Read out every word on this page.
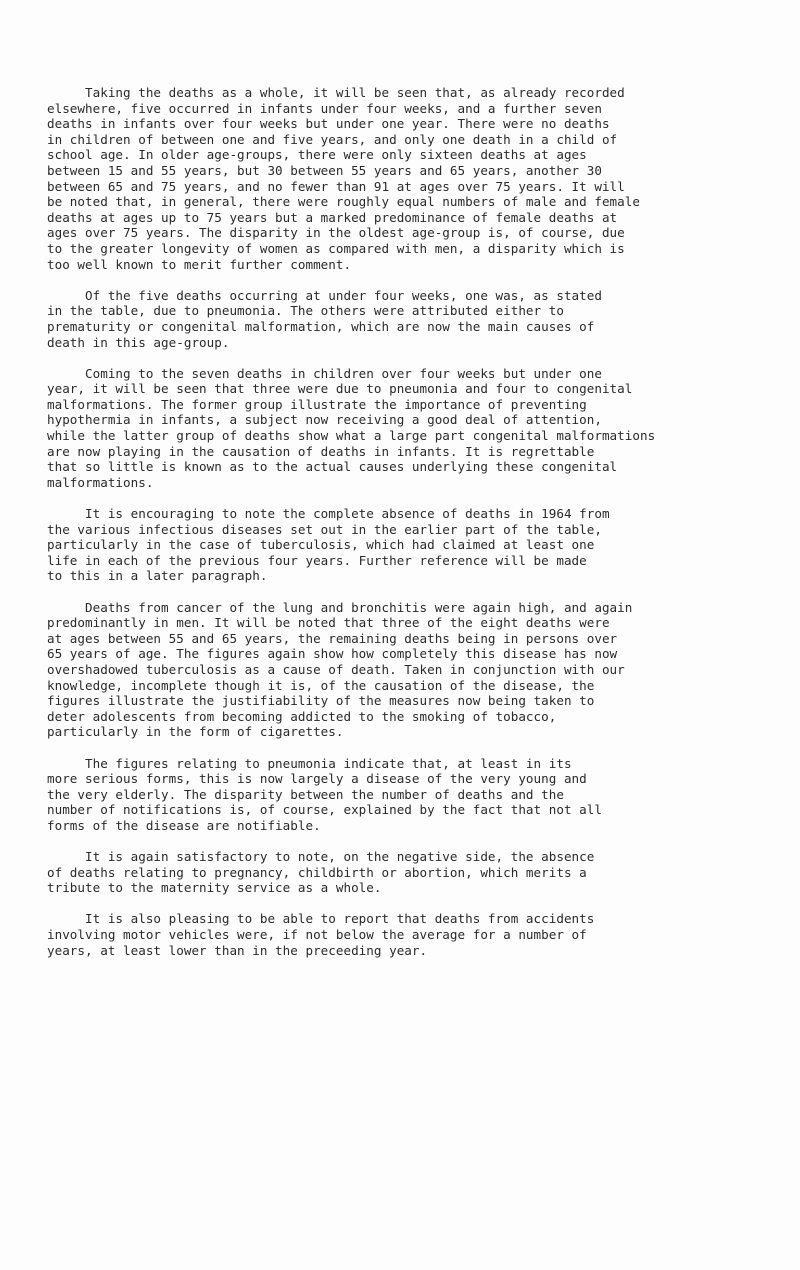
Taking the deaths as a whole, it will be seen that, as already recorded
elsewhere, five occurred in infants under four weeks, and a further seven
deaths in infants over four weeks but under one year. There were no deaths
in children of between one and five years, and only one death in a child of
school age. In older age-groups, there were only sixteen deaths at ages
between 15 and 55 years, but 30 between 55 years and 65 years, another 30
between 65 and 75 years, and no fewer than 91 at ages over 75 years. It will
be noted that, in general, there were roughly equal numbers of male and female
deaths at ages up to 75 years but a marked predominance of female deaths at
ages over 75 years. The disparity in the oldest age-group is, of course, due
to the greater longevity of women as compared with men, a disparity which is
too well known to merit further comment.
Of the five deaths occurring at under four weeks, one was, as stated
in the table, due to pneumonia. The others were attributed either to
prematurity or congenital malformation, which are now the main causes of
death in this age-group.
Coming to the seven deaths in children over four weeks but under one
year, it will be seen that three were due to pneumonia and four to congenital
malformations. The former group illustrate the importance of preventing
hypothermia in infants, a subject now receiving a good deal of attention,
while the latter group of deaths show what a large part congenital malformations
are now playing in the causation of deaths in infants. It is regrettable
that so little is known as to the actual causes underlying these congenital
malformations.
It is encouraging to note the complete absence of deaths in 1964 from
the various infectious diseases set out in the earlier part of the table,
particularly in the case of tuberculosis, which had claimed at least one
life in each of the previous four years. Further reference will be made
to this in a later paragraph.
Deaths from cancer of the lung and bronchitis were again high, and again
predominantly in men. It will be noted that three of the eight deaths were
at ages between 55 and 65 years, the remaining deaths being in persons over
65 years of age. The figures again show how completely this disease has now
overshadowed tuberculosis as a cause of death. Taken in conjunction with our
knowledge, incomplete though it is, of the causation of the disease, the
figures illustrate the justifiability of the measures now being taken to
deter adolescents from becoming addicted to the smoking of tobacco,
particularly in the form of cigarettes.
The figures relating to pneumonia indicate that, at least in its
more serious forms, this is now largely a disease of the very young and
the very elderly. The disparity between the number of deaths and the
number of notifications is, of course, explained by the fact that not all
forms of the disease are notifiable.
It is again satisfactory to note, on the negative side, the absence
of deaths relating to pregnancy, childbirth or abortion, which merits a
tribute to the maternity service as a whole.
It is also pleasing to be able to report that deaths from accidents
involving motor vehicles were, if not below the average for a number of
years, at least lower than in the preceeding year.
